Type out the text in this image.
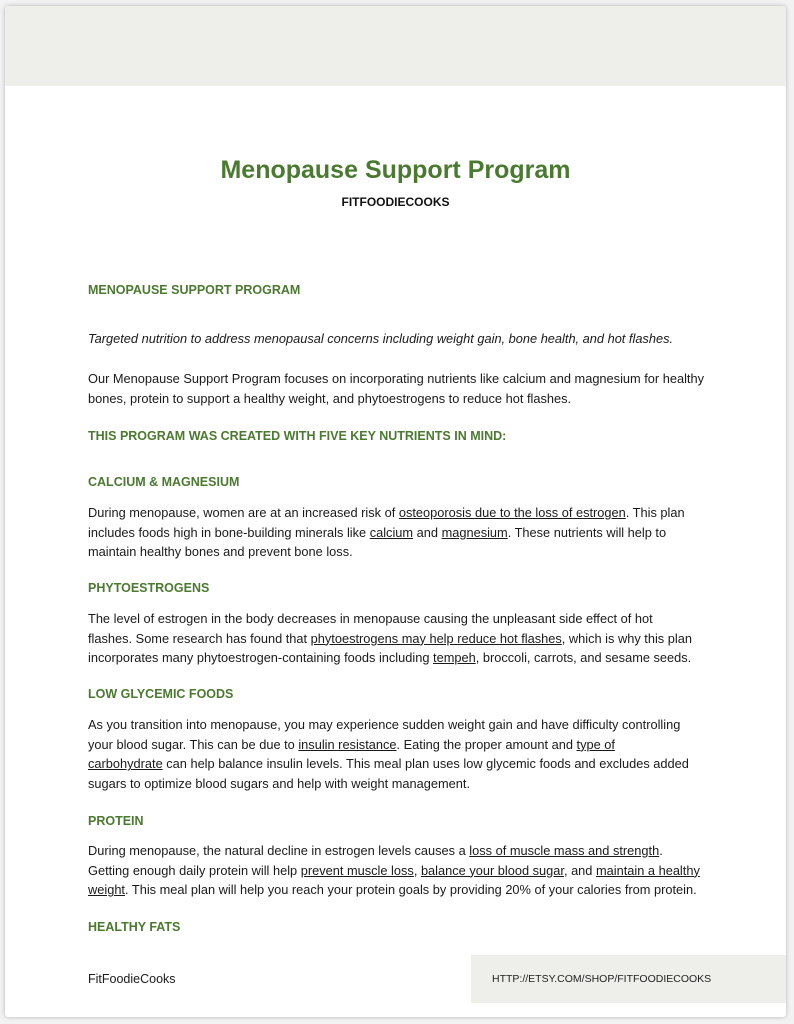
Menopause Support Program
FITFOODIECOOKS
MENOPAUSE SUPPORT PROGRAM
Targeted nutrition to address menopausal concerns including weight gain, bone health, and hot flashes.
Our Menopause Support Program focuses on incorporating nutrients like calcium and magnesium for healthy bones, protein to support a healthy weight, and phytoestrogens to reduce hot flashes.
THIS PROGRAM WAS CREATED WITH FIVE KEY NUTRIENTS IN MIND:
CALCIUM & MAGNESIUM
During menopause, women are at an increased risk of osteoporosis due to the loss of estrogen. This plan includes foods high in bone-building minerals like calcium and magnesium. These nutrients will help to maintain healthy bones and prevent bone loss.
PHYTOESTROGENS
The level of estrogen in the body decreases in menopause causing the unpleasant side effect of hot flashes. Some research has found that phytoestrogens may help reduce hot flashes, which is why this plan incorporates many phytoestrogen-containing foods including tempeh, broccoli, carrots, and sesame seeds.
LOW GLYCEMIC FOODS
As you transition into menopause, you may experience sudden weight gain and have difficulty controlling your blood sugar. This can be due to insulin resistance. Eating the proper amount and type of carbohydrate can help balance insulin levels. This meal plan uses low glycemic foods and excludes added sugars to optimize blood sugars and help with weight management.
PROTEIN
During menopause, the natural decline in estrogen levels causes a loss of muscle mass and strength. Getting enough daily protein will help prevent muscle loss, balance your blood sugar, and maintain a healthy weight. This meal plan will help you reach your protein goals by providing 20% of your calories from protein.
HEALTHY FATS
FitFoodieCooks	HTTP://ETSY.COM/SHOP/FITFOODIECOOKS
